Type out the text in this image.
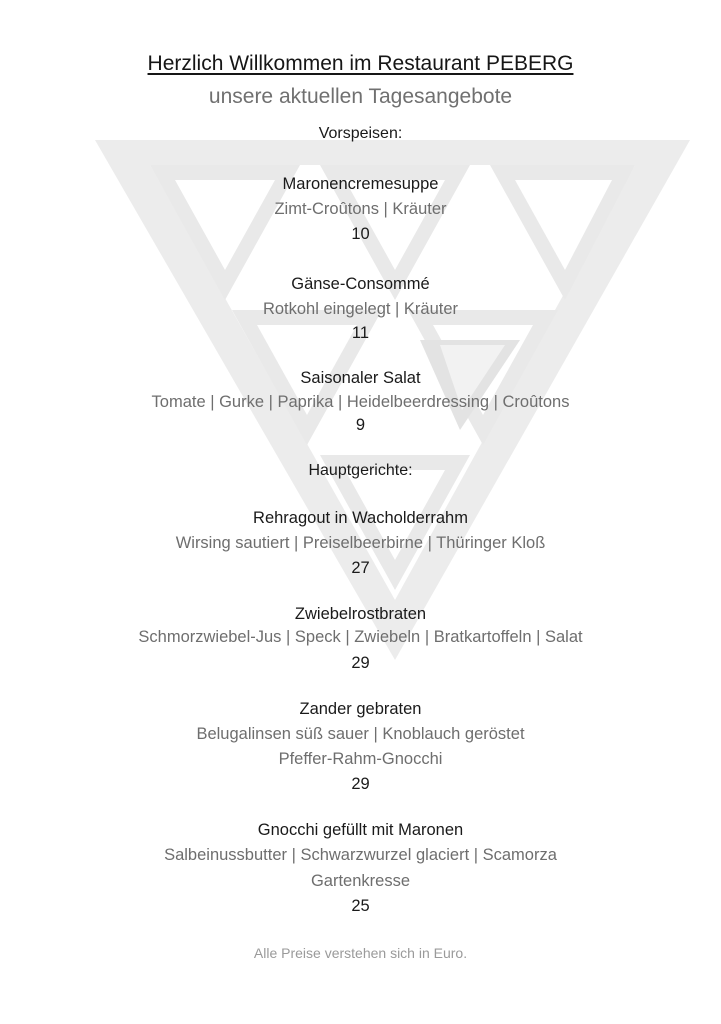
Herzlich Willkommen im Restaurant PEBERG
unsere aktuellen Tagesangebote
Vorspeisen:
Maronencremesuppe
Zimt-Croûtons | Kräuter
10
Gänse-Consommé
Rotkohl eingelegt | Kräuter
11
Saisonaler Salat
Tomate | Gurke | Paprika | Heidelbeerdressing | Croûtons
9
Hauptgerichte:
Rehragout in Wacholderrahm
Wirsing sautiert | Preiselbeerbirne | Thüringer Kloß
27
Zwiebelrostbraten
Schmorzwiebel-Jus | Speck | Zwiebeln | Bratkartoffeln | Salat
29
Zander gebraten
Belugalinsen süß sauer | Knoblauch geröstet
Pfeffer-Rahm-Gnocchi
29
Gnocchi gefüllt mit Maronen
Salbeinussbutter | Schwarzwurzel glaciert | Scamorza
Gartenkresse
25
Alle Preise verstehen sich in Euro.
